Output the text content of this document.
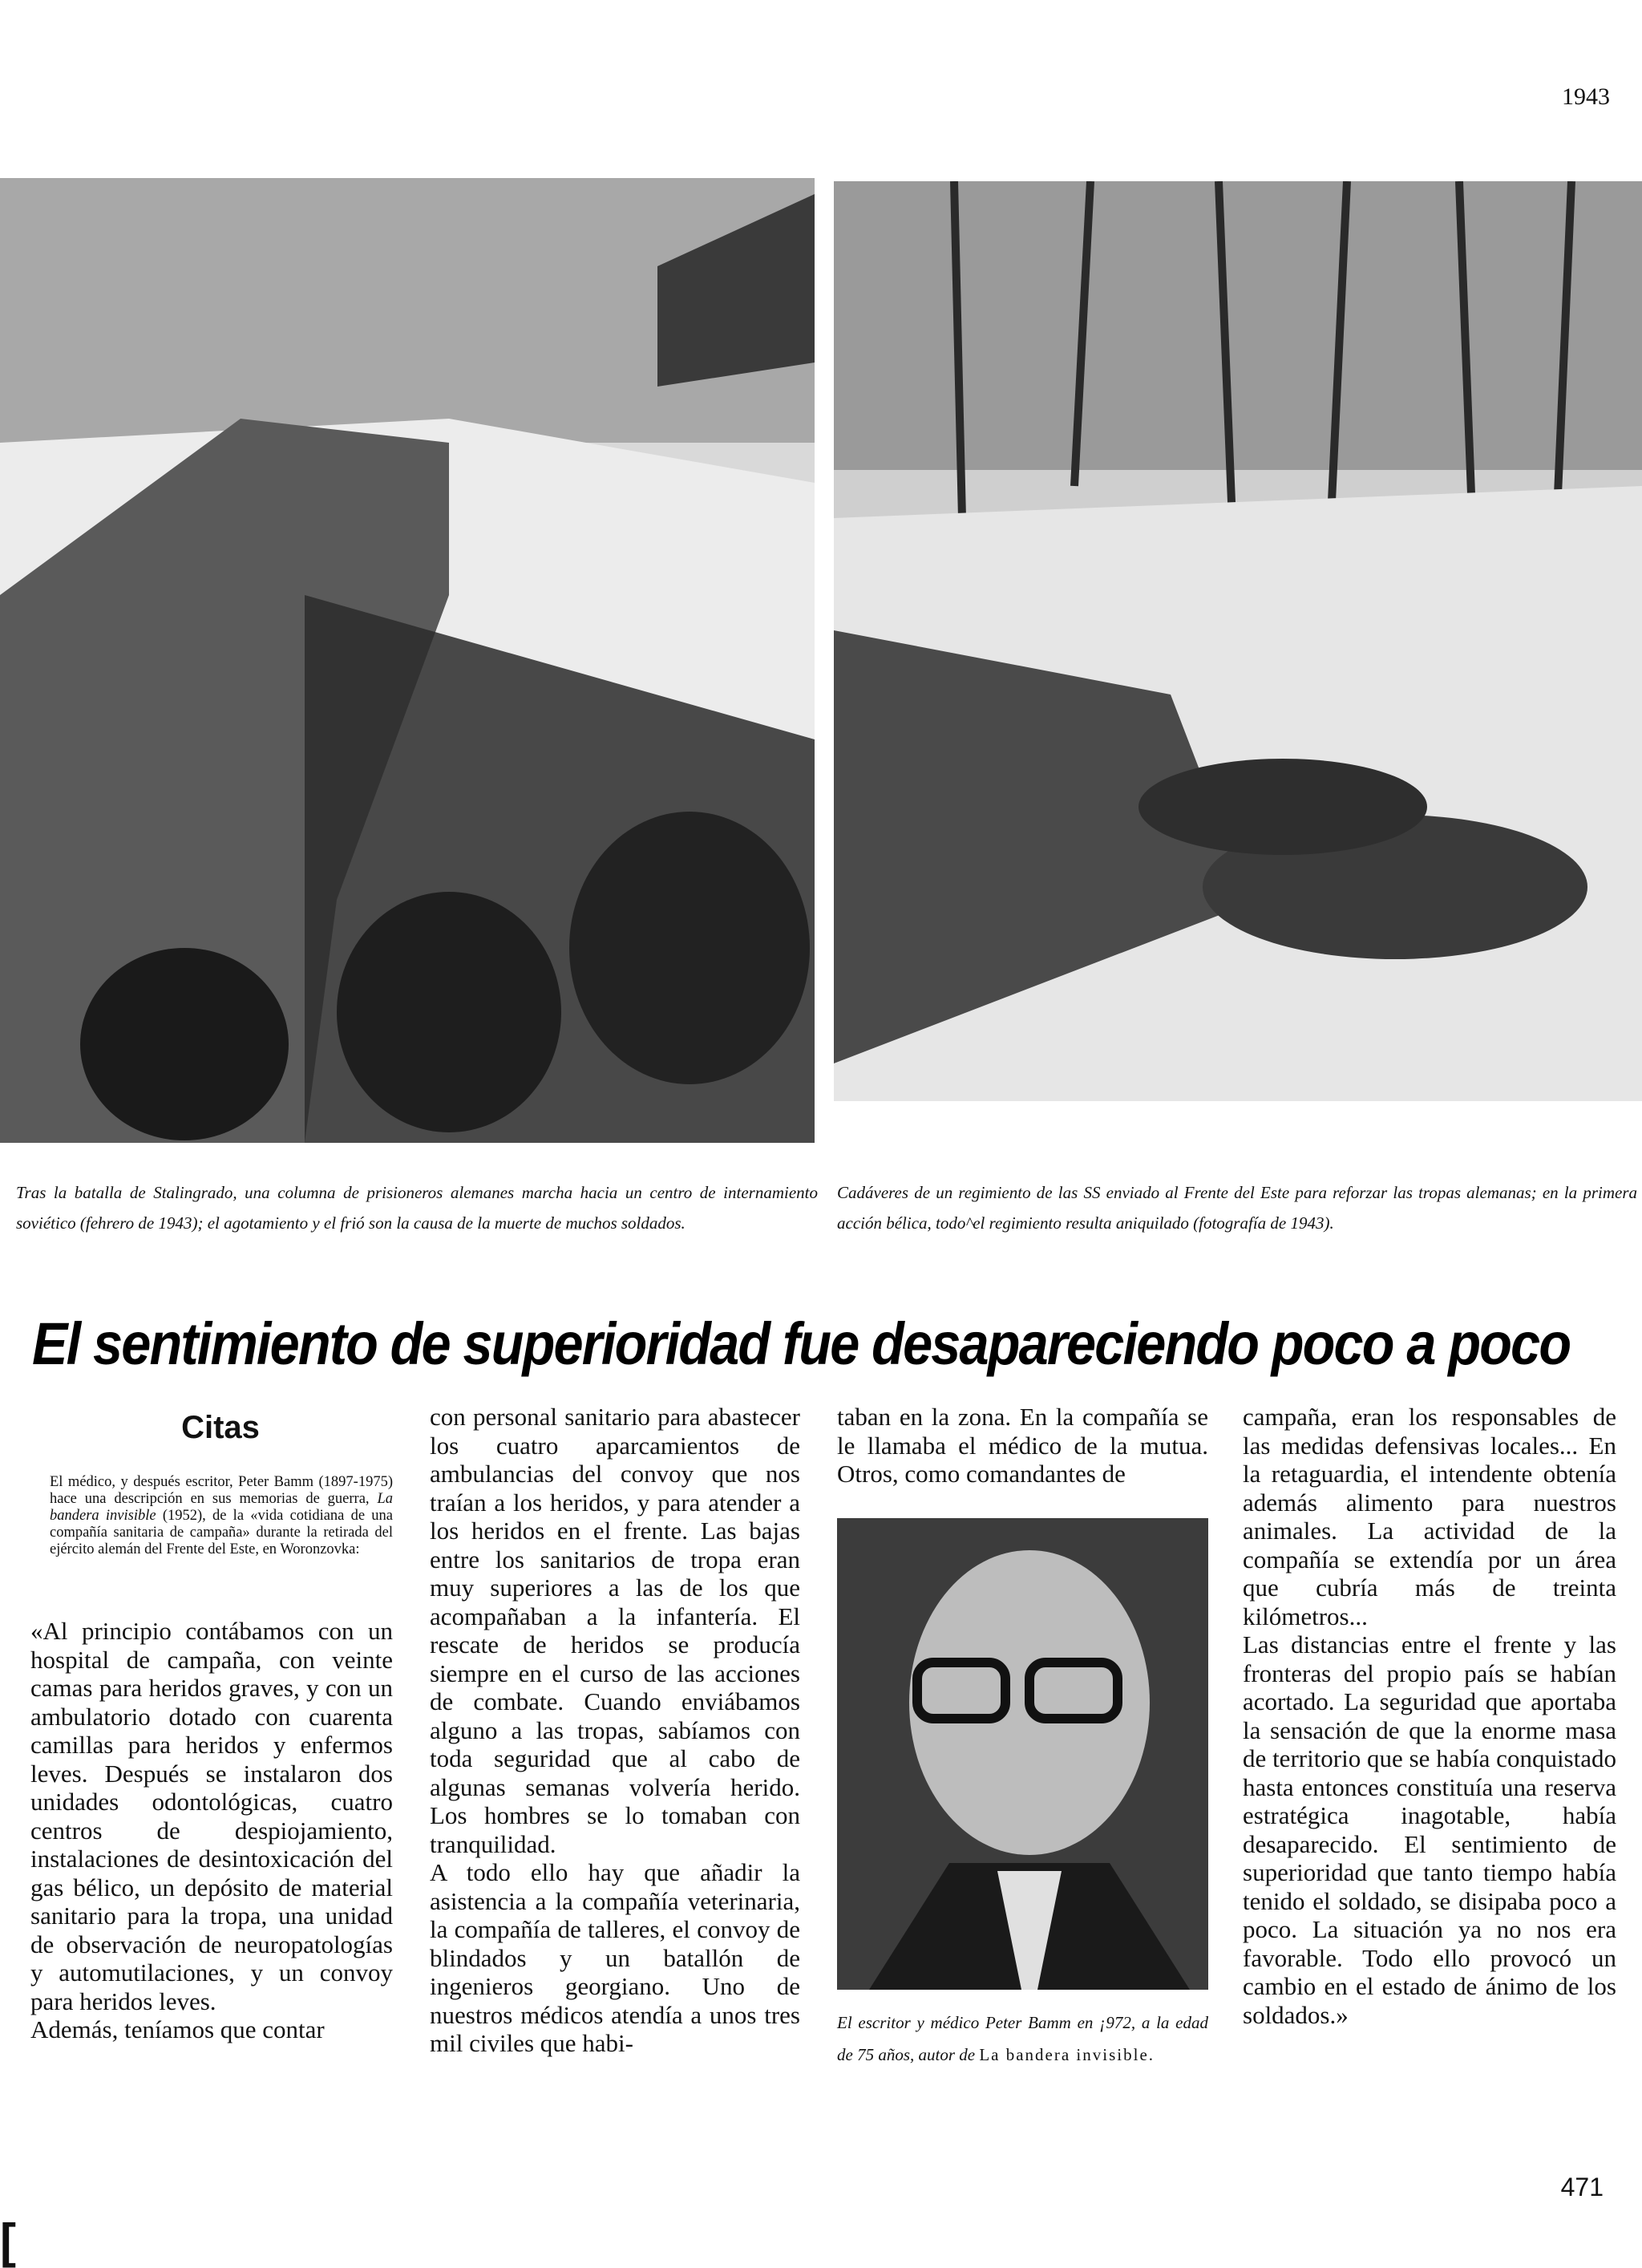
1943
Tras la batalla de Stalingrado, una columna de prisioneros alemanes marcha hacia un centro de internamiento soviético (fehrero de 1943); el agotamiento y el frió son la causa de la muerte de muchos soldados.
Cadáveres de un regimiento de las SS enviado al Frente del Este para reforzar las tropas alemanas; en la primera acción bélica, todo^el regimiento resulta aniquilado (fotografía de 1943).
El sentimiento de superioridad fue desapareciendo poco a poco
Citas
El médico, y después escritor, Peter Bamm (1897-1975) hace una descripción en sus memorias de guerra, La bandera invisible (1952), de la «vida cotidiana de una compañía sanitaria de campaña» durante la retirada del ejército alemán del Frente del Este, en Woronzovka:

«Al principio contábamos con un hospital de campaña, con veinte camas para heridos graves, y con un ambulatorio dotado con cuarenta camillas para heridos y enfermos leves. Después se instalaron dos unidades odontológicas, cuatro centros de despiojamiento, instalaciones de desintoxicación del gas bélico, un depósito de material sanitario para la tropa, una unidad de observación de neuropatologías y automutilaciones, y un convoy para heridos leves.

Además, teníamos que contar

con personal sanitario para abastecer los cuatro aparcamientos de ambulancias del convoy que nos traían a los heridos, y para atender a los heridos en el frente. Las bajas entre los sanitarios de tropa eran muy superiores a las de los que acompañaban a la infantería. El rescate de heridos se producía siempre en el curso de las acciones de combate. Cuando enviábamos alguno a las tropas, sabíamos con toda seguridad que al cabo de algunas semanas volvería herido. Los hombres se lo tomaban con tranquilidad.

A todo ello hay que añadir la asistencia a la compañía veterinaria, la compañía de talleres, el convoy de blindados y un batallón de ingenieros georgiano. Uno de nuestros médicos atendía a unos tres mil civiles que habi-

taban en la zona. En la compañía se le llamaba el médico de la mutua. Otros, como comandantes de

El escritor y médico Peter Bamm en ¡972, a la edad de 75 años, autor de La bandera invisible.

campaña, eran los responsables de las medidas defensivas locales... En la retaguardia, el intendente obtenía además alimento para nuestros animales. La actividad de la compañía se extendía por un área que cubría más de treinta kilómetros...

Las distancias entre el frente y las fronteras del propio país se habían acortado. La seguridad que aportaba la sensación de que la enorme masa de territorio que se había conquistado hasta entonces constituía una reserva estratégica inagotable, había desaparecido. El sentimiento de superioridad que tanto tiempo había tenido el soldado, se disipaba poco a poco. La situación ya no nos era favorable. Todo ello provocó un cambio en el estado de ánimo de los soldados.»

471
[
